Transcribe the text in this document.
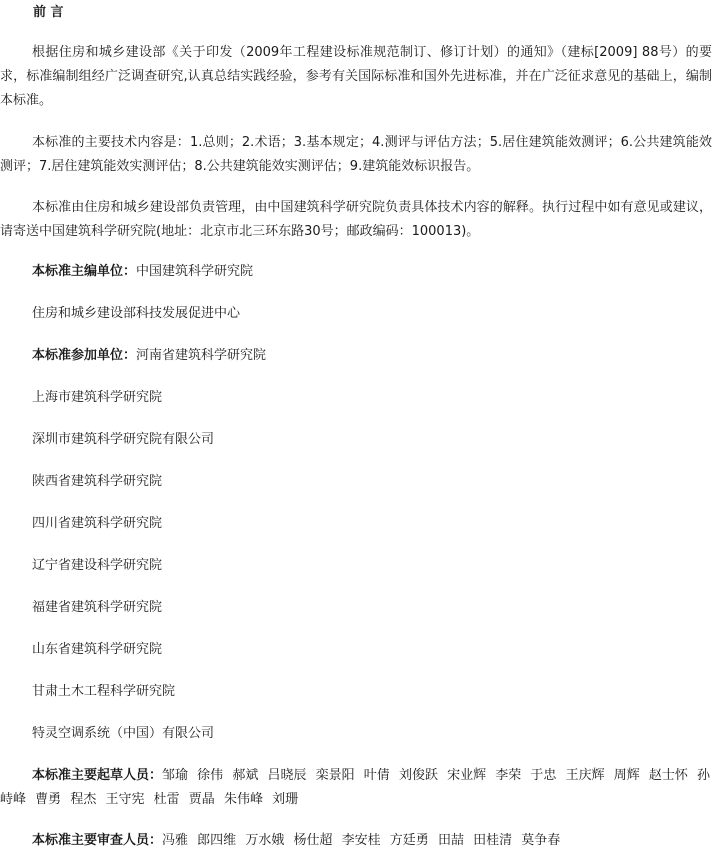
前 言
根据住房和城乡建设部《关于印发（2009年工程建设标准规范制订、修订计划）的通知》（建标[2009] 88号）的要求，标准编制组经广泛调查研究,认真总结实践经验，参考有关国际标准和国外先进标准，并在广泛征求意见的基础上，编制本标准。
本标准的主要技术内容是：1.总则；2.术语；3.基本规定；4.测评与评估方法；5.居住建筑能效测评；6.公共建筑能效测评；7.居住建筑能效实测评估；8.公共建筑能效实测评估；9.建筑能效标识报告。
本标准由住房和城乡建设部负责管理，由中国建筑科学研究院负责具体技术内容的解释。执行过程中如有意见或建议，请寄送中国建筑科学研究院(地址：北京市北三环东路30号；邮政编码：100013)。
本标准主编单位：中国建筑科学研究院
住房和城乡建设部科技发展促进中心
本标准参加单位：河南省建筑科学研究院
上海市建筑科学研究院
深圳市建筑科学研究院有限公司
陕西省建筑科学研究院
四川省建筑科学研究院
辽宁省建设科学研究院
福建省建筑科学研究院
山东省建筑科学研究院
甘肃土木工程科学研究院
特灵空调系统（中国）有限公司
本标准主要起草人员：邹瑜 徐伟 郝斌 吕晓辰 栾景阳 叶倩 刘俊跃 宋业辉 李荣 于忠 王庆辉 周辉 赵士怀 孙峙峰 曹勇 程杰 王守宪 杜雷 贾晶 朱伟峰 刘珊
本标准主要审查人员：冯雅 郎四维 万水娥 杨仕超 李安桂 方廷勇 田喆 田桂清 莫争春
